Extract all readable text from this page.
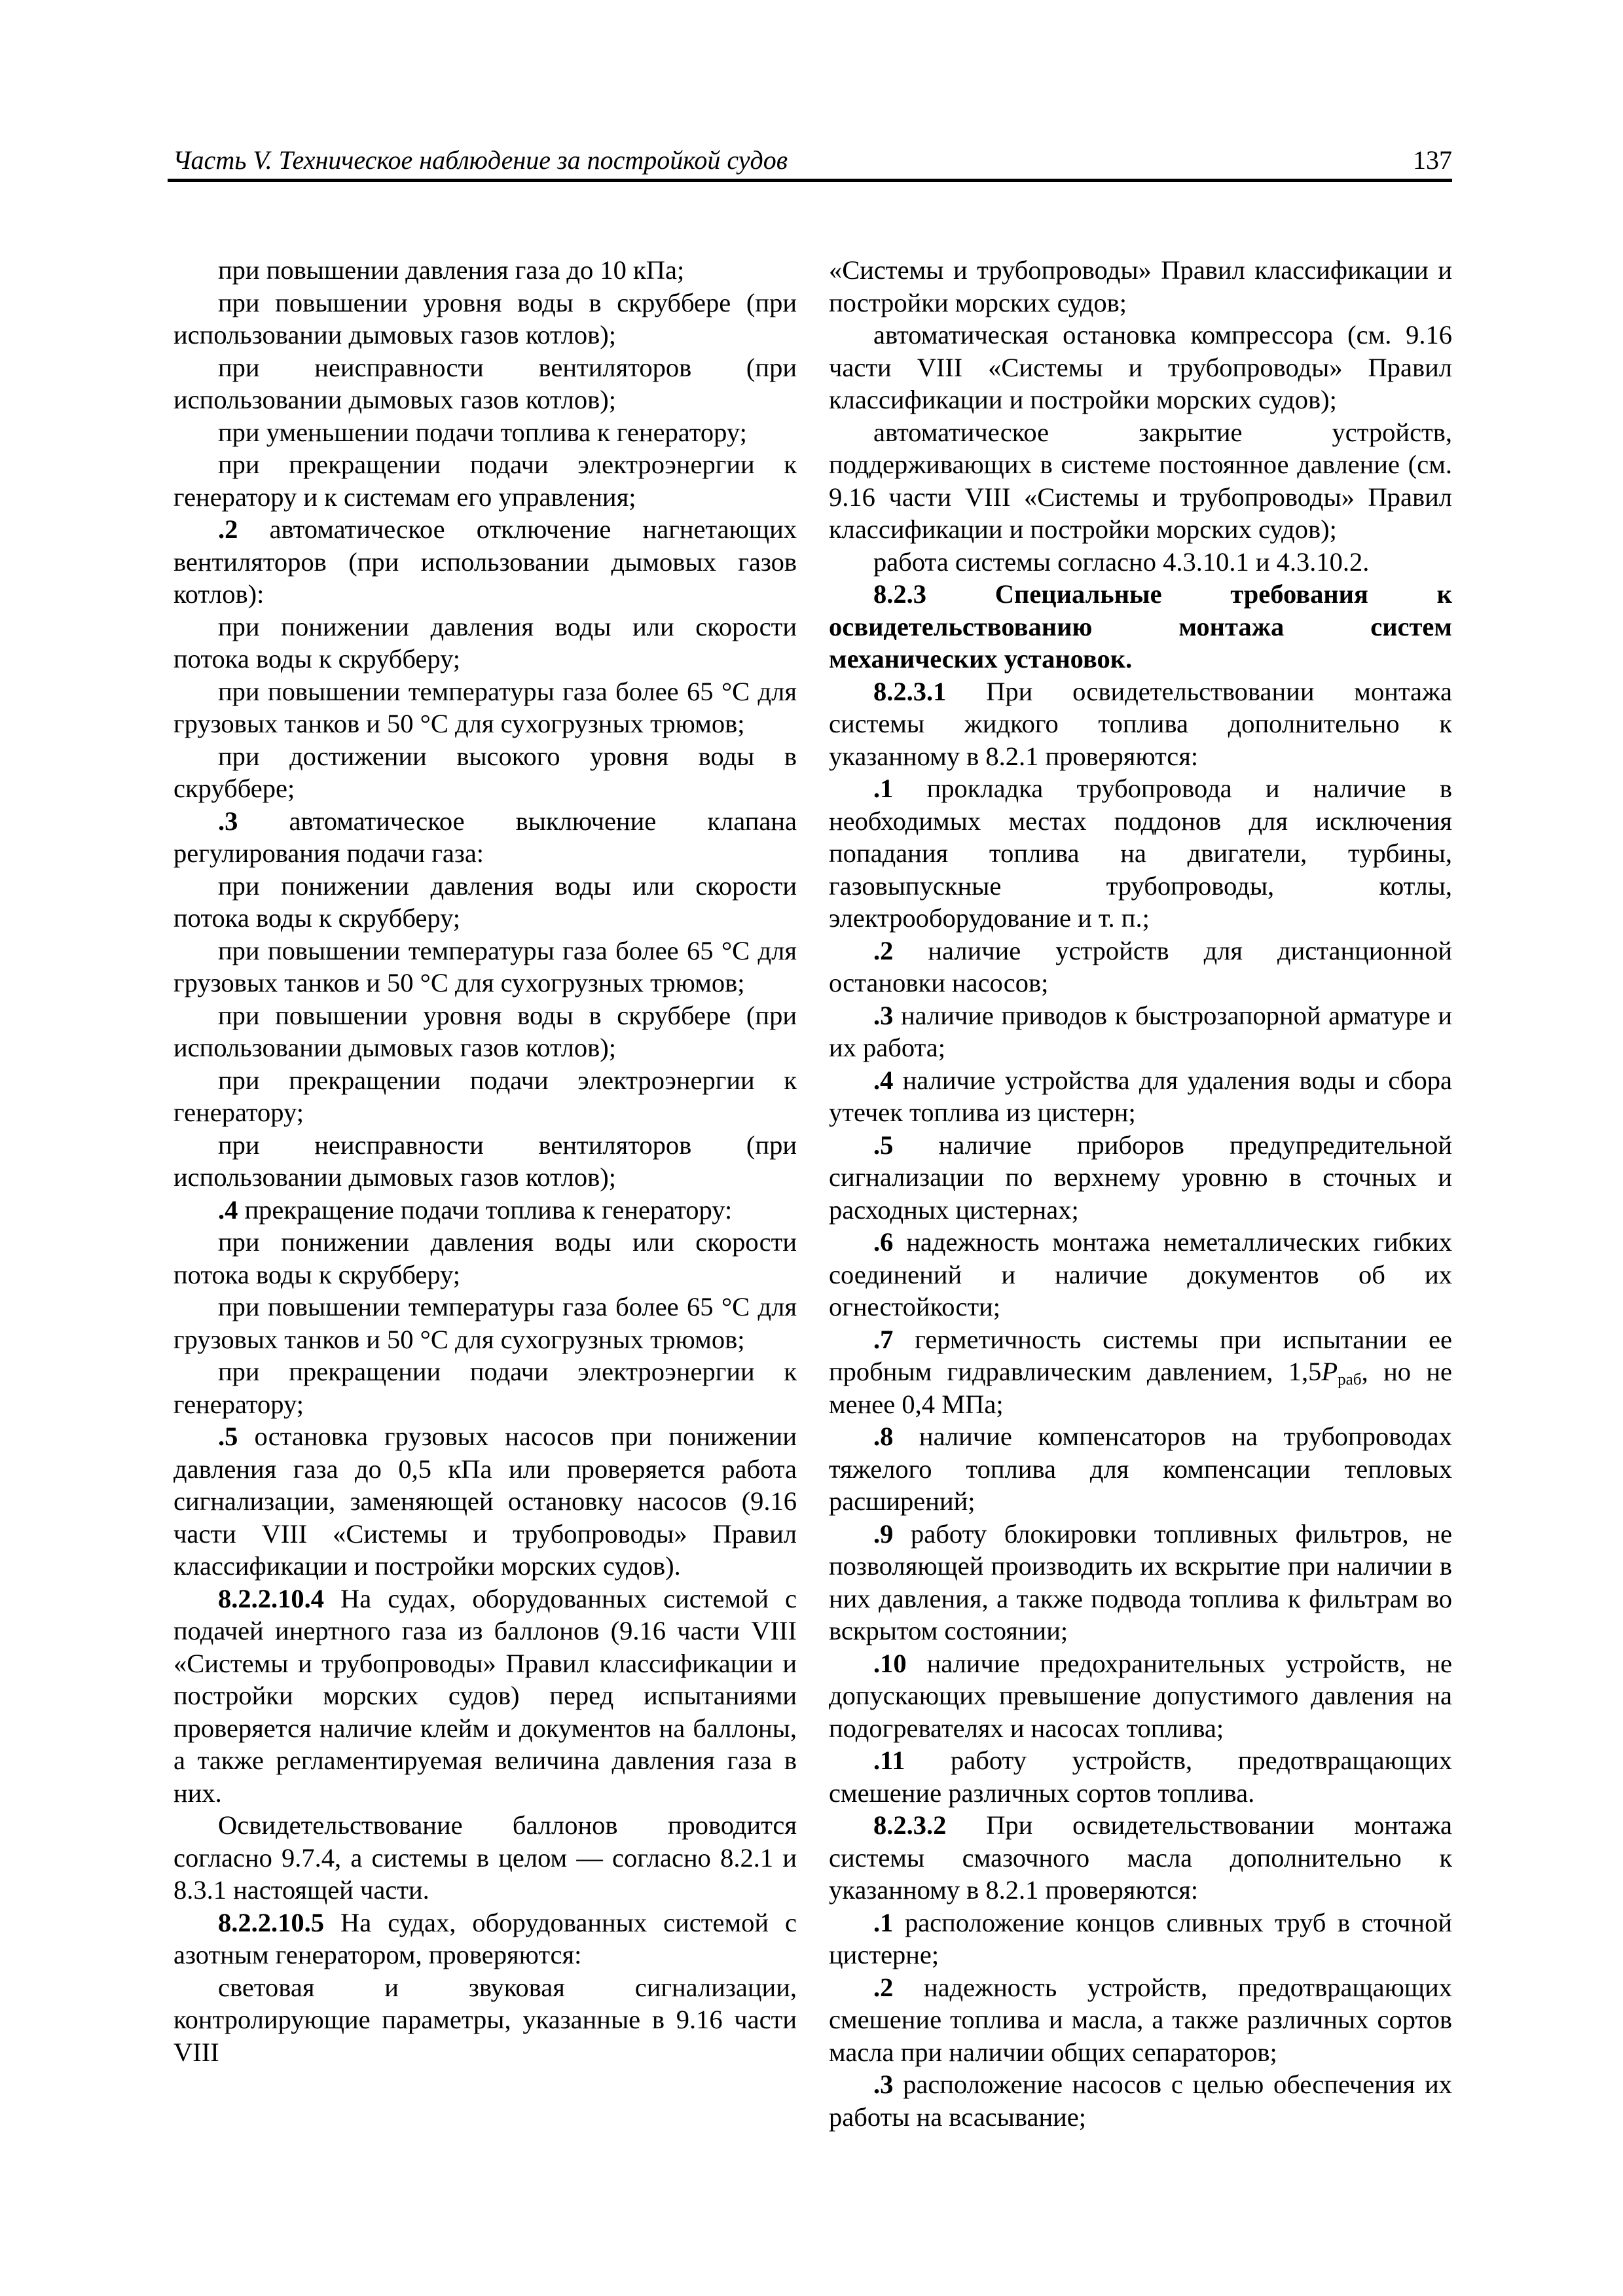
Часть V. Техническое наблюдение за постройкой судов	137

при повышении давления газа до 10 кПа;

при повышении уровня воды в скруббере (при использовании дымовых газов котлов);

при неисправности вентиляторов (при использовании дымовых газов котлов);

при уменьшении подачи топлива к генератору;

при прекращении подачи электроэнергии к генератору и к системам его управления;

.2 автоматическое отключение нагнетающих вентиляторов (при использовании дымовых газов котлов):

при понижении давления воды или скорости потока воды к скрубберу;

при повышении температуры газа более 65 °C для грузовых танков и 50 °C для сухогрузных трюмов;

при достижении высокого уровня воды в скруббере;

.3 автоматическое выключение клапана регулирования подачи газа:

при понижении давления воды или скорости потока воды к скрубберу;

при повышении температуры газа более 65 °C для грузовых танков и 50 °C для сухогрузных трюмов;

при повышении уровня воды в скруббере (при использовании дымовых газов котлов);

при прекращении подачи электроэнергии к генератору;

при неисправности вентиляторов (при использовании дымовых газов котлов);

.4 прекращение подачи топлива к генератору:

при понижении давления воды или скорости потока воды к скрубберу;

при повышении температуры газа более 65 °C для грузовых танков и 50 °C для сухогрузных трюмов;

при прекращении подачи электроэнергии к генератору;

.5 остановка грузовых насосов при понижении давления газа до 0,5 кПа или проверяется работа сигнализации, заменяющей остановку насосов (9.16 части VIII «Системы и трубопроводы» Правил классификации и постройки морских судов).

8.2.2.10.4 На судах, оборудованных системой с подачей инертного газа из баллонов (9.16 части VIII «Системы и трубопроводы» Правил классификации и постройки морских судов) перед испытаниями проверяется наличие клейм и документов на баллоны, а также регламентируемая величина давления газа в них.

Освидетельствование баллонов проводится согласно 9.7.4, а системы в целом — согласно 8.2.1 и 8.3.1 настоящей части.

8.2.2.10.5 На судах, оборудованных системой с азотным генератором, проверяются:

световая и звуковая сигнализации, контролирующие параметры, указанные в 9.16 части VIII

«Системы и трубопроводы» Правил классификации и постройки морских судов;

автоматическая остановка компрессора (см. 9.16 части VIII «Системы и трубопроводы» Правил классификации и постройки морских судов);

автоматическое закрытие устройств, поддерживающих в системе постоянное давление (см. 9.16 части VIII «Системы и трубопроводы» Правил классификации и постройки морских судов);

работа системы согласно 4.3.10.1 и 4.3.10.2.

8.2.3 Специальные требования к освидетельствованию монтажа систем механических установок.

8.2.3.1 При освидетельствовании монтажа системы жидкого топлива дополнительно к указанному в 8.2.1 проверяются:

.1 прокладка трубопровода и наличие в необходимых местах поддонов для исключения попадания топлива на двигатели, турбины, газовыпускные трубопроводы, котлы, электрооборудование и т. п.;

.2 наличие устройств для дистанционной остановки насосов;

.3 наличие приводов к быстрозапорной арматуре и их работа;

.4 наличие устройства для удаления воды и сбора утечек топлива из цистерн;

.5 наличие приборов предупредительной сигнализации по верхнему уровню в сточных и расходных цистернах;

.6 надежность монтажа неметаллических гибких соединений и наличие документов об их огнестойкости;

.7 герметичность системы при испытании ее пробным гидравлическим давлением, $1,5P_{раб}$, но не менее 0,4 МПа;

.8 наличие компенсаторов на трубопроводах тяжелого топлива для компенсации тепловых расширений;

.9 работу блокировки топливных фильтров, не позволяющей производить их вскрытие при наличии в них давления, а также подвода топлива к фильтрам во вскрытом состоянии;

.10 наличие предохранительных устройств, не допускающих превышение допустимого давления на подогревателях и насосах топлива;

.11 работу устройств, предотвращающих смешение различных сортов топлива.

8.2.3.2 При освидетельствовании монтажа системы смазочного масла дополнительно к указанному в 8.2.1 проверяются:

.1 расположение концов сливных труб в сточной цистерне;

.2 надежность устройств, предотвращающих смешение топлива и масла, а также различных сортов масла при наличии общих сепараторов;

.3 расположение насосов с целью обеспечения их работы на всасывание;
